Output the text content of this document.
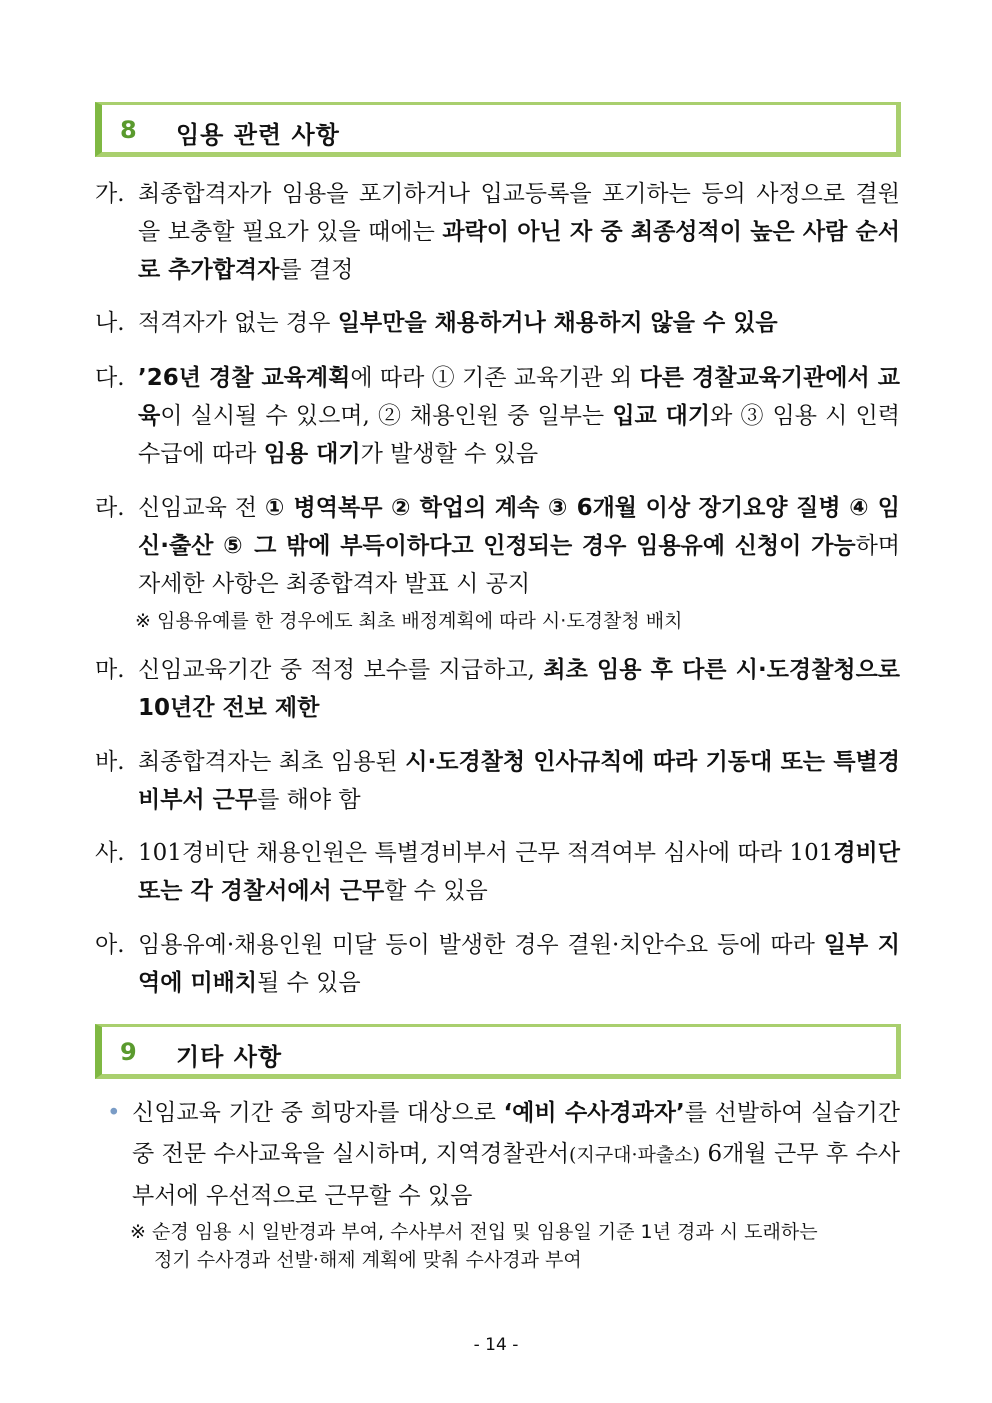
8 임용 관련 사항
가. 최종합격자가 임용을 포기하거나 입교등록을 포기하는 등의 사정으로 결원을 보충할 필요가 있을 때에는 과락이 아닌 자 중 최종성적이 높은 사람 순서로 추가합격자를 결정
나. 적격자가 없는 경우 일부만을 채용하거나 채용하지 않을 수 있음
다. ’26년 경찰 교육계획에 따라 ① 기존 교육기관 외 다른 경찰교육기관에서 교육이 실시될 수 있으며, ② 채용인원 중 일부는 입교 대기와 ③ 임용 시 인력 수급에 따라 임용 대기가 발생할 수 있음
라. 신임교육 전 ① 병역복무 ② 학업의 계속 ③ 6개월 이상 장기요양 질병 ④ 임신·출산 ⑤ 그 밖에 부득이하다고 인정되는 경우 임용유예 신청이 가능하며 자세한 사항은 최종합격자 발표 시 공지
※ 임용유예를 한 경우에도 최초 배정계획에 따라 시·도경찰청 배치
마. 신임교육기간 중 적정 보수를 지급하고, 최초 임용 후 다른 시·도경찰청으로 10년간 전보 제한
바. 최종합격자는 최초 임용된 시·도경찰청 인사규칙에 따라 기동대 또는 특별경비부서 근무를 해야 함
사. 101경비단 채용인원은 특별경비부서 근무 적격여부 심사에 따라 101경비단 또는 각 경찰서에서 근무할 수 있음
아. 임용유예·채용인원 미달 등이 발생한 경우 결원·치안수요 등에 따라 일부 지역에 미배치될 수 있음
9 기타 사항
• 신임교육 기간 중 희망자를 대상으로 ‘예비 수사경과자’를 선발하여 실습기간 중 전문 수사교육을 실시하며, 지역경찰관서(지구대·파출소) 6개월 근무 후 수사부서에 우선적으로 근무할 수 있음
※ 순경 임용 시 일반경과 부여, 수사부서 전입 및 임용일 기준 1년 경과 시 도래하는
정기 수사경과 선발·해제 계획에 맞춰 수사경과 부여
- 14 -
